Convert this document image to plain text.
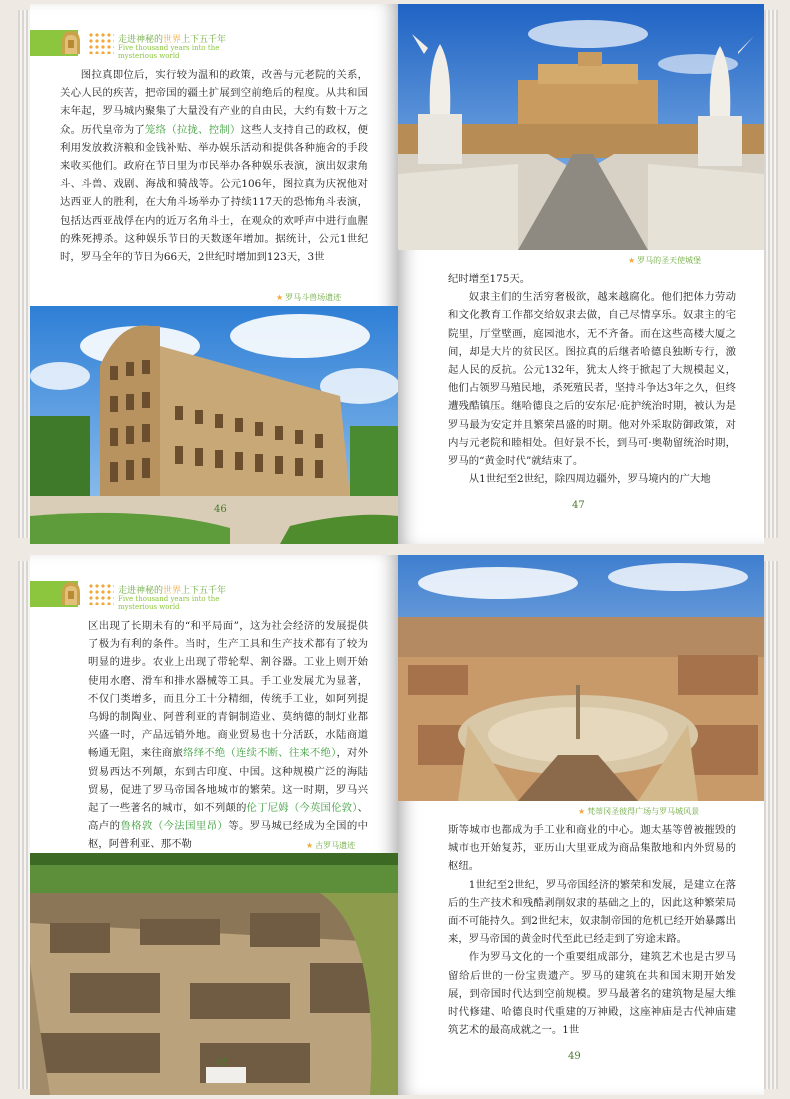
走进神秘的世界上下五千年
Five thousand years into the mysterious world

图拉真即位后，实行较为温和的政策，改善与元老院的关系，关心人民的疾苦，把帝国的疆土扩展到空前绝后的程度。从共和国末年起，罗马城内聚集了大量没有产业的自由民，大约有数十万之众。历代皇帝为了笼络（拉拢、控制）这些人支持自己的政权，便利用发放救济粮和金钱补贴、举办娱乐活动和提供各种施舍的手段来收买他们。政府在节日里为市民举办各种娱乐表演，演出奴隶角斗、斗兽、戏剧、海战和骑战等。公元106年，图拉真为庆祝他对达西亚人的胜利，在大角斗场举办了持续117天的恐怖角斗表演，包括达西亚战俘在内的近万名角斗士，在观众的欢呼声中进行血腥的殊死搏杀。这种娱乐节日的天数逐年增加。据统计，公元1世纪时，罗马全年的节日为66天，2世纪时增加到123天，3世

★ 罗马斗兽场遗迹
46
★ 罗马的圣天使城堡

纪时增至175天。

奴隶主们的生活穷奢极欲，越来越腐化。他们把体力劳动和文化教育工作都交给奴隶去做，自己尽情享乐。奴隶主的宅院里，厅堂壁画，庭园池水，无不齐备。而在这些高楼大厦之间，却是大片的贫民区。图拉真的后继者哈德良独断专行，激起人民的反抗。公元132年，犹太人终于掀起了大规模起义，他们占领罗马殖民地，杀死殖民者，坚持斗争达3年之久，但终遭残酷镇压。继哈德良之后的安东尼·庇护统治时期，被认为是罗马最为安定并且繁荣昌盛的时期。他对外采取防御政策，对内与元老院和睦相处。但好景不长，到马可·奥勒留统治时期，罗马的“黄金时代”就结束了。

从1世纪至2世纪，除四周边疆外，罗马境内的广大地

47
走进神秘的世界上下五千年
Five thousand years into the mysterious world

区出现了长期未有的“和平局面”，这为社会经济的发展提供了极为有利的条件。当时，生产工具和生产技术都有了较为明显的进步。农业上出现了带轮犁、割谷器。工业上则开始使用水磨、滑车和排水器械等工具。手工业发展尤为显著，不仅门类增多，而且分工十分精细，传统手工业，如阿列提乌姆的制陶业、阿普利亚的青铜制造业、莫纳德的制灯业都兴盛一时，产品远销外地。商业贸易也十分活跃，水陆商道畅通无阻，来往商旅络绎不绝（连续不断、往来不绝），对外贸易西达不列颠，东到古印度、中国。这种规模广泛的海陆贸易，促进了罗马帝国各地城市的繁荣。这一时期，罗马兴起了一些著名的城市，如不列颠的伦丁尼姆（今英国伦敦）、高卢的鲁格敦（今法国里昂）等。罗马城已经成为全国的中枢，阿普利亚、那不勒	★ 古罗马遗迹
48
★ 梵蒂冈圣彼得广场与罗马城风景

斯等城市也都成为手工业和商业的中心。迦太基等曾被摧毁的城市也开始复苏，亚历山大里亚成为商品集散地和内外贸易的枢纽。

1世纪至2世纪，罗马帝国经济的繁荣和发展，是建立在落后的生产技术和残酷剥削奴隶的基础之上的，因此这种繁荣局面不可能持久。到2世纪末，奴隶制帝国的危机已经开始暴露出来，罗马帝国的黄金时代至此已经走到了穷途末路。

作为罗马文化的一个重要组成部分，建筑艺术也是古罗马留给后世的一份宝贵遗产。罗马的建筑在共和国末期开始发展，到帝国时代达到空前规模。罗马最著名的建筑物是屋大维时代修建、哈德良时代重建的万神殿，这座神庙是古代神庙建筑艺术的最高成就之一。1世

49
